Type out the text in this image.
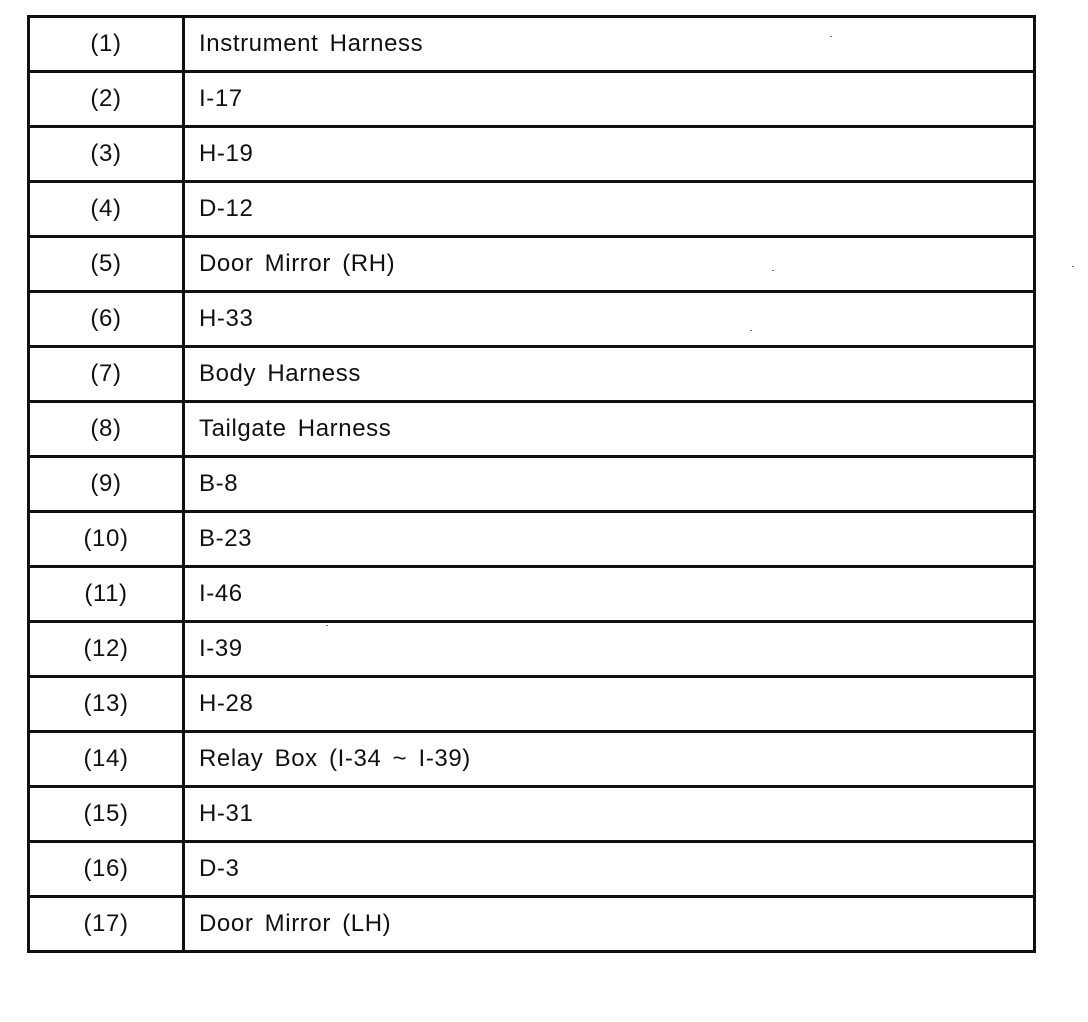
(1)	Instrument Harness
(2)	I-17
(3)	H-19
(4)	D-12
(5)	Door Mirror (RH)
(6)	H-33
(7)	Body Harness
(8)	Tailgate Harness
(9)	B-8
(10)	B-23
(11)	I-46
(12)	I-39
(13)	H-28
(14)	Relay Box (I-34 ~ I-39)
(15)	H-31
(16)	D-3
(17)	Door Mirror (LH)
